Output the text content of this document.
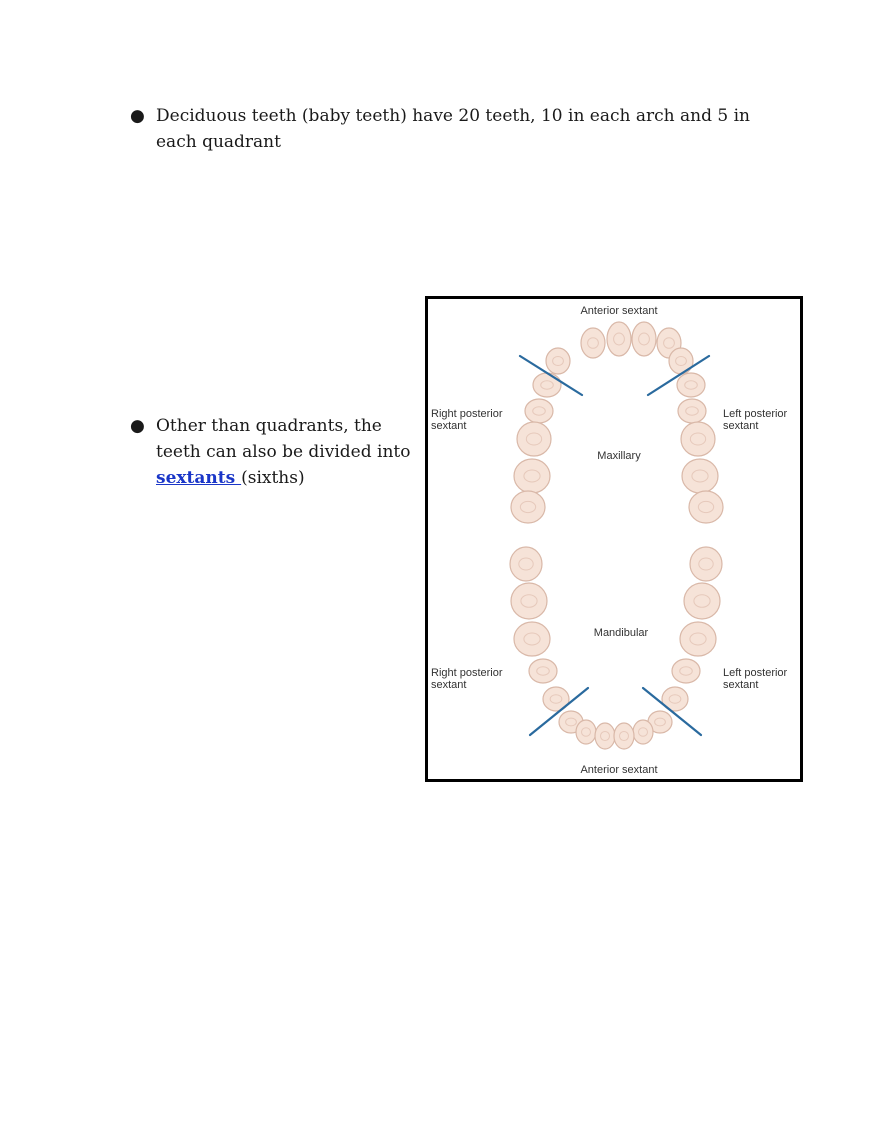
● Deciduous teeth (baby teeth) have 20 teeth, 10 in each arch and 5 in each quadrant
● Other than quadrants, the teeth can also be divided into sextants (sixths)
Anterior sextant
Anterior sextant
Maxillary
Mandibular
Right posterior
sextant
Left posterior
sextant
Right posterior
sextant
Left posterior
sextant
